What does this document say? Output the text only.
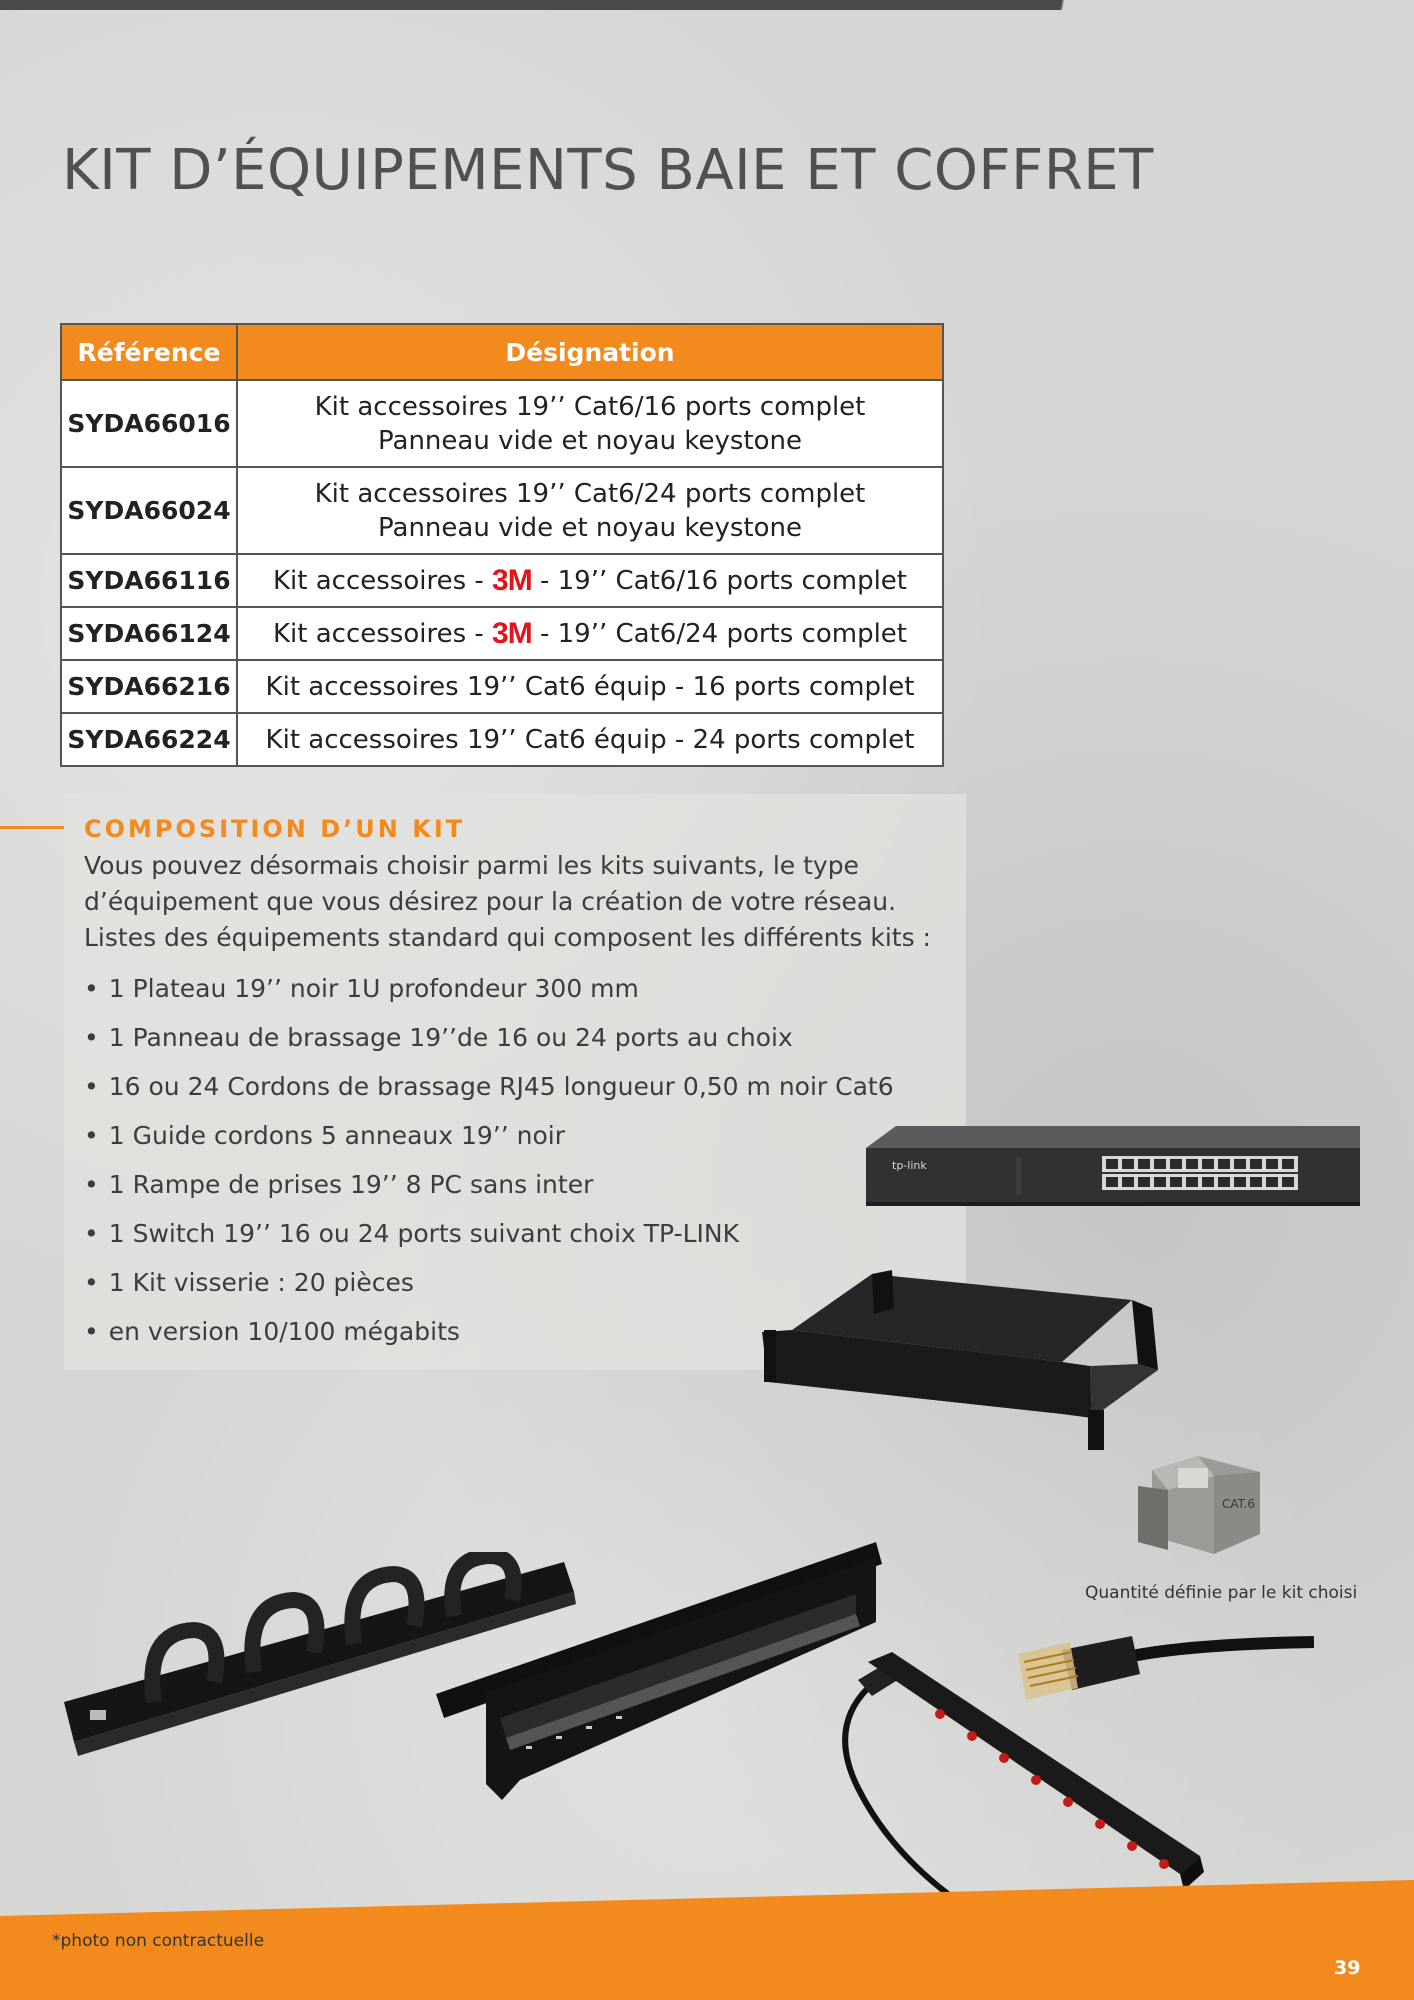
KIT D’ÉQUIPEMENTS BAIE ET COFFRET
Référence	Désignation
SYDA66016	Kit accessoires 19’’ Cat6/16 ports complet
Panneau vide et noyau keystone

SYDA66024	Kit accessoires 19’’ Cat6/24 ports complet
Panneau vide et noyau keystone

SYDA66116	Kit accessoires - 3M - 19’’ Cat6/16 ports complet
SYDA66124	Kit accessoires - 3M - 19’’ Cat6/24 ports complet
SYDA66216	Kit accessoires 19’’ Cat6 équip - 16 ports complet
SYDA66224	Kit accessoires 19’’ Cat6 équip - 24 ports complet
COMPOSITION D’UN KIT
Vous pouvez désormais choisir parmi les kits suivants, le type
d’équipement que vous désirez pour la création de votre réseau.
Listes des équipements standard qui composent les différents kits :
• 1 Plateau 19’’ noir 1U profondeur 300 mm
• 1 Panneau de brassage 19’’de 16 ou 24 ports au choix
• 16 ou 24 Cordons de brassage RJ45 longueur 0,50 m noir Cat6
• 1 Guide cordons 5 anneaux 19’’ noir
• 1 Rampe de prises 19’’ 8 PC sans inter
• 1 Switch 19’’ 16 ou 24 ports suivant choix TP-LINK
• 1 Kit visserie : 20 pièces
• en version 10/100 mégabits
tp-link
CAT.6
Quantité définie par le kit choisi
*photo non contractuelle
39
